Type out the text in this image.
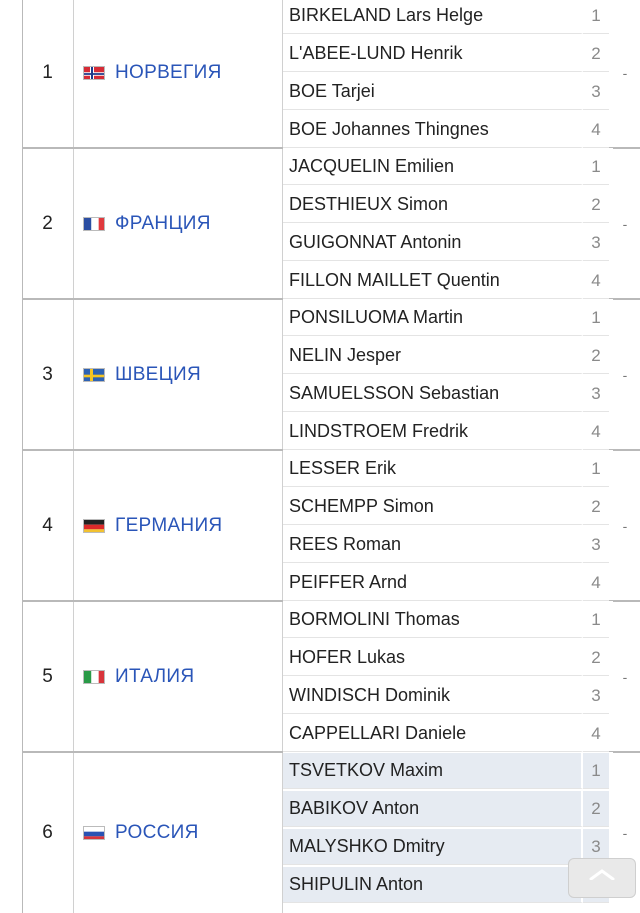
1	НОРВЕГИЯ
BIRKELAND Lars Helge	1
L'ABEE-LUND Henrik	2
BOE Tarjei	3
BOE Johannes Thingnes	4
-
2	ФРАНЦИЯ
JACQUELIN Emilien	1
DESTHIEUX Simon	2
GUIGONNAT Antonin	3
FILLON MAILLET Quentin	4
-
3	ШВЕЦИЯ
PONSILUOMA Martin	1
NELIN Jesper	2
SAMUELSSON Sebastian	3
LINDSTROEM Fredrik	4
-
4	ГЕРМАНИЯ
LESSER Erik	1
SCHEMPP Simon	2
REES Roman	3
PEIFFER Arnd	4
-
5	ИТАЛИЯ
BORMOLINI Thomas	1
HOFER Lukas	2
WINDISCH Dominik	3
CAPPELLARI Daniele	4
-
6	РОССИЯ
TSVETKOV Maxim	1
BABIKOV Anton	2
MALYSHKO Dmitry	3
SHIPULIN Anton
-
